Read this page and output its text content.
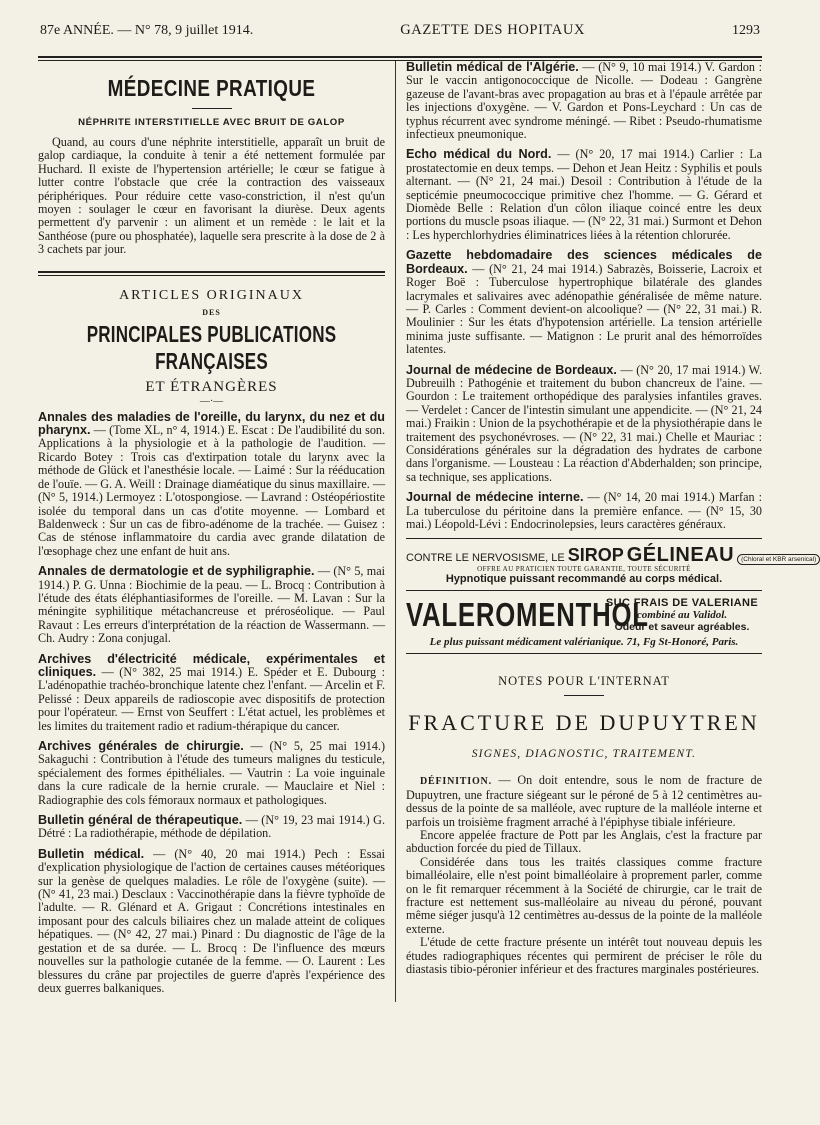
87e ANNÉE. — N° 78, 9 juillet 1914.	GAZETTE DES HOPITAUX	1293
MÉDECINE PRATIQUE
NÉPHRITE INTERSTITIELLE AVEC BRUIT DE GALOP

Quand, au cours d'une néphrite interstitielle, apparaît un bruit de galop cardiaque, la conduite à tenir a été nettement formulée par Huchard. Il existe de l'hypertension artérielle; le cœur se fatigue à lutter contre l'obstacle que crée la contraction des vaisseaux périphériques. Pour réduire cette vaso-constriction, il n'est qu'un moyen : soulager le cœur en favorisant la diurèse. Deux agents permettent d'y parvenir : un aliment et un remède : le lait et la Santhéose (pure ou phosphatée), laquelle sera prescrite à la dose de 2 à 3 cachets par jour.

ARTICLES ORIGINAUX
DES
PRINCIPALES PUBLICATIONS FRANÇAISES
ET ÉTRANGÈRES
—·—

Annales des maladies de l'oreille, du larynx, du nez et du pharynx. — (Tome XL, n° 4, 1914.) E. Escat : De l'audibilité du son. Applications à la physiologie et à la pathologie de l'audition. — Ricardo Botey : Trois cas d'extirpation totale du larynx avec la méthode de Glück et l'anesthésie locale. — Laimé : Sur la rééducation de l'ouïe. — G. A. Weill : Drainage diaméatique du sinus maxillaire. — (N° 5, 1914.) Lermoyez : L'otospongiose. — Lavrand : Ostéopériostite isolée du temporal dans un cas d'otite moyenne. — Lombard et Baldenweck : Sur un cas de fibro-adénome de la trachée. — Guisez : Cas de sténose inflammatoire du cardia avec grande dilatation de l'œsophage chez une enfant de huit ans.

Annales de dermatologie et de syphiligraphie. — (N° 5, mai 1914.) P. G. Unna : Biochimie de la peau. — L. Brocq : Contribution à l'étude des états éléphantiasiformes de l'oreille. — M. Lavan : Sur la méningite syphilitique métachancreuse et préroséolique. — Paul Ravaut : Les erreurs d'interprétation de la réaction de Wassermann. — Ch. Audry : Zona conjugal.

Archives d'électricité médicale, expérimentales et cliniques. — (N° 382, 25 mai 1914.) E. Spéder et E. Dubourg : L'adénopathie trachéo-bronchique latente chez l'enfant. — Arcelin et F. Pelissé : Deux appareils de radioscopie avec dispositifs de protection pour l'opérateur. — Ernst von Seuffert : L'état actuel, les problèmes et les limites du traitement radio et radium-thérapique du cancer.

Archives générales de chirurgie. — (N° 5, 25 mai 1914.) Sakaguchi : Contribution à l'étude des tumeurs malignes du testicule, spécialement des formes épithéliales. — Vautrin : La voie inguinale dans la cure radicale de la hernie crurale. — Mauclaire et Niel : Radiographie des cols fémoraux normaux et pathologiques.

Bulletin général de thérapeutique. — (N° 19, 23 mai 1914.) G. Détré : La radiothérapie, méthode de dépilation.

Bulletin médical. — (N° 40, 20 mai 1914.) Pech : Essai d'explication physiologique de l'action de certaines causes météoriques sur la genèse de quelques maladies. Le rôle de l'oxygène (suite). — (N° 41, 23 mai.) Desclaux : Vaccinothérapie dans la fièvre typhoïde de l'adulte. — R. Glénard et A. Grigaut : Concrétions intestinales en imposant pour des calculs biliaires chez un malade atteint de coliques hépatiques. — (N° 42, 27 mai.) Pinard : Du diagnostic de l'âge de la gestation et de sa durée. — L. Brocq : De l'influence des mœurs nouvelles sur la pathologie cutanée de la femme. — O. Laurent : Les blessures du crâne par projectiles de guerre d'après l'expérience des deux guerres balkaniques.

Bulletin médical de l'Algérie. — (N° 9, 10 mai 1914.) V. Gardon : Sur le vaccin antigonococcique de Nicolle. — Dodeau : Gangrène gazeuse de l'avant-bras avec propagation au bras et à l'épaule arrêtée par les injections d'oxygène. — V. Gardon et Pons-Leychard : Un cas de typhus récurrent avec syndrome méningé. — Ribet : Pseudo-rhumatisme infectieux pneumonique.

Echo médical du Nord. — (N° 20, 17 mai 1914.) Carlier : La prostatectomie en deux temps. — Dehon et Jean Heitz : Syphilis et pouls alternant. — (N° 21, 24 mai.) Desoil : Contribution à l'étude de la septicémie pneumococcique primitive chez l'homme. — G. Gérard et Diomède Belle : Relation d'un côlon iliaque coincé entre les deux portions du muscle psoas iliaque. — (N° 22, 31 mai.) Surmont et Dehon : Les hyperchlorhydries éliminatrices liées à la rétention chlorurée.

Gazette hebdomadaire des sciences médicales de Bordeaux. — (N° 21, 24 mai 1914.) Sabrazès, Boisserie, Lacroix et Roger Boë : Tuberculose hypertrophique bilatérale des glandes lacrymales et salivaires avec adénopathie généralisée de même nature. — P. Carles : Comment devient-on alcoolique? — (N° 22, 31 mai.) R. Moulinier : Sur les états d'hypotension artérielle. La tension artérielle minima juste suffisante. — Matignon : Le prurit anal des hémorroïdes latentes.

Journal de médecine de Bordeaux. — (N° 20, 17 mai 1914.) W. Dubreuilh : Pathogénie et traitement du bubon chancreux de l'aine. — Gourdon : Le traitement orthopédique des paralysies infantiles graves. — Verdelet : Cancer de l'intestin simulant une appendicite. — (N° 21, 24 mai.) Fraikin : Union de la psychothérapie et de la physiothérapie dans le traitement des psychonévroses. — (N° 22, 31 mai.) Chelle et Mauriac : Considérations générales sur la dégradation des hydrates de carbone dans l'organisme. — Lousteau : La réaction d'Abderhalden; son principe, sa technique, ses applications.

Journal de médecine interne. — (N° 14, 20 mai 1914.) Marfan : La tuberculose du péritoine dans la première enfance. — (N° 15, 30 mai.) Léopold-Lévi : Endocrinolepsies, leurs caractères généraux.

CONTRE LE NERVOSISME, LE SIROP GÉLINEAU	(Chloral et KBR arsenical)
OFFRE AU PRATICIEN TOUTE GARANTIE, TOUTE SÉCURITÉ
Hypnotique puissant recommandé au corps médical.
VALEROMENTHOL
SUC FRAIS DE VALERIANE
combiné au Validol.
Odeur et saveur agréables.
Le plus puissant médicament valérianique. 71, Fg St-Honoré, Paris.
NOTES POUR L'INTERNAT
FRACTURE DE DUPUYTREN
SIGNES, DIAGNOSTIC, TRAITEMENT.

DÉFINITION. — On doit entendre, sous le nom de fracture de Dupuytren, une fracture siégeant sur le péroné de 5 à 12 centimètres au-dessus de la pointe de sa malléole, avec rupture de la malléole interne et parfois un troisième fragment arraché à l'épiphyse tibiale inférieure.

Encore appelée fracture de Pott par les Anglais, c'est la fracture par abduction forcée du pied de Tillaux.

Considérée dans tous les traités classiques comme fracture bimalléolaire, elle n'est point bimalléolaire à proprement parler, comme on le fit remarquer récemment à la Société de chirurgie, car le trait de fracture est nettement sus-malléolaire au niveau du péroné, pouvant même siéger jusqu'à 12 centimètres au-dessus de la pointe de la malléole externe.

L'étude de cette fracture présente un intérêt tout nouveau depuis les études radiographiques récentes qui permirent de préciser le rôle du diastasis tibio-péronier inférieur et des fractures marginales postérieures.
